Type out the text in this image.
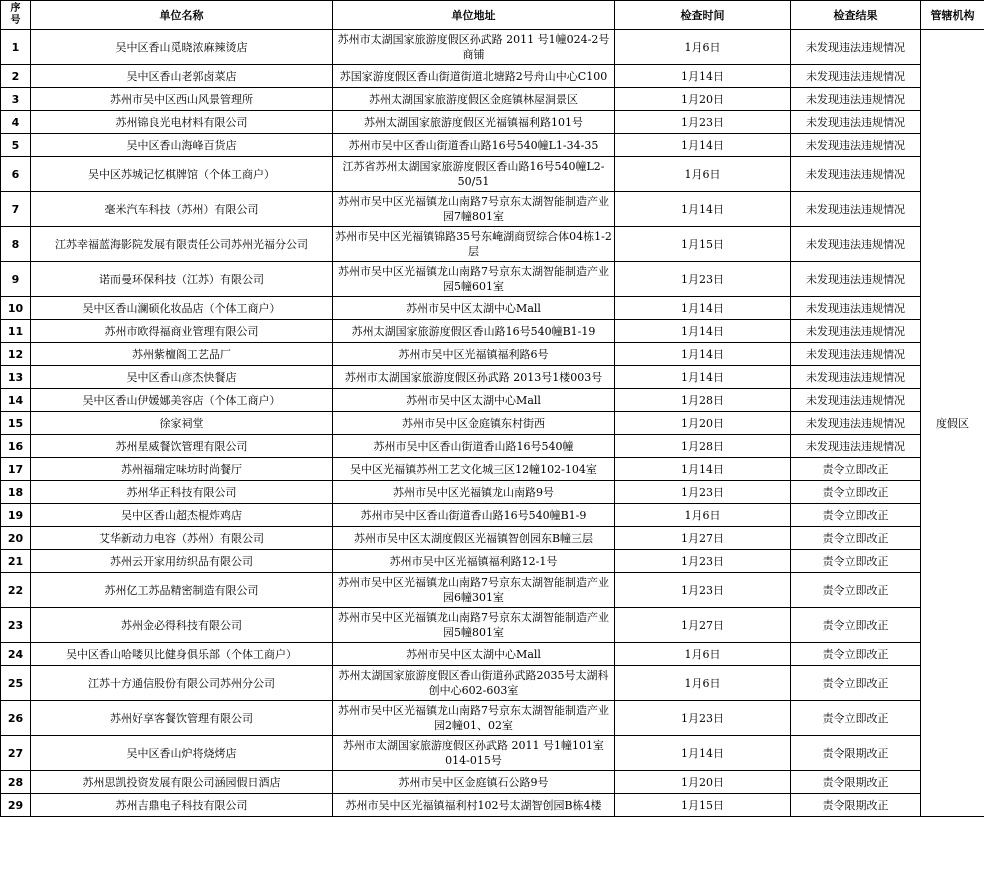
序
号	单位名称	单位地址	检查时间	检查结果	管辖机构
1	吴中区香山觅晓浓麻辣烫店	苏州市太湖国家旅游度假区孙武路 2011 号1幢024-2号 商铺	1月6日	未发现违法违规情况	度假区
2	吴中区香山老郭卤菜店	苏国家游度假区香山街道街道北塘路2号舟山中心C100	1月14日	未发现违法违规情况	
3	苏州市吴中区西山风景管理所	苏州太湖国家旅游度假区金庭镇林屋洞景区	1月20日	未发现违法违规情况	
4	苏州锦良光电材料有限公司	苏州太湖国家旅游度假区光福镇福利路101号	1月23日	未发现违法违规情况	
5	吴中区香山海峰百货店	苏州市吴中区香山街道香山路16号540幢L1-34-35	1月14日	未发现违法违规情况	
6	吴中区苏城记忆棋牌馆（个体工商户）	江苏省苏州太湖国家旅游度假区香山路16号540幢L2-50/51	1月6日	未发现违法违规情况	
7	毫米汽车科技（苏州）有限公司	苏州市吴中区光福镇龙山南路7号京东太湖智能制造产业园7幢801室	1月14日	未发现违法违规情况	
8	江苏幸福蓝海影院发展有限责任公司苏州光福分公司	苏州市吴中区光福镇锦路35号东崦湖商贸综合体04栋1-2层	1月15日	未发现违法违规情况	
9	诺而曼环保科技（江苏）有限公司	苏州市吴中区光福镇龙山南路7号京东太湖智能制造产业园5幢601室	1月23日	未发现违法违规情况	
10	吴中区香山澜硕化妆品店（个体工商户）	苏州市吴中区太湖中心Mall	1月14日	未发现违法违规情况	
11	苏州市欧得福商业管理有限公司	苏州太湖国家旅游度假区香山路16号540幢B1-19	1月14日	未发现违法违规情况	
12	苏州紫檀阁工艺品厂	苏州市吴中区光福镇福利路6号	1月14日	未发现违法违规情况	
13	吴中区香山彦杰快餐店	苏州市太湖国家旅游度假区孙武路 2013号1楼003号	1月14日	未发现违法违规情况	
14	吴中区香山伊媛娜美容店（个体工商户）	苏州市吴中区太湖中心Mall	1月28日	未发现违法违规情况	
15	徐家祠堂	苏州市吴中区金庭镇东村街西	1月20日	未发现违法违规情况	
16	苏州星威餐饮管理有限公司	苏州市吴中区香山街道香山路16号540幢	1月28日	未发现违法违规情况	
17	苏州福瑞定味坊时尚餐厅	吴中区光福镇苏州工艺文化城三区12幢102-104室	1月14日	责令立即改正	
18	苏州华正科技有限公司	苏州市吴中区光福镇龙山南路9号	1月23日	责令立即改正	
19	吴中区香山超杰棍炸鸡店	苏州市吴中区香山街道香山路16号540幢B1-9	1月6日	责令立即改正	
20	艾华新动力电容（苏州）有限公司	苏州市吴中区太湖度假区光福镇智创园东B幢三层	1月27日	责令立即改正	
21	苏州云开家用纺织品有限公司	苏州市吴中区光福镇福利路12-1号	1月23日	责令立即改正	
22	苏州亿工苏品精密制造有限公司	苏州市吴中区光福镇龙山南路7号京东太湖智能制造产业园6幢301室	1月23日	责令立即改正	
23	苏州金必得科技有限公司	苏州市吴中区光福镇龙山南路7号京东太湖智能制造产业园5幢801室	1月27日	责令立即改正	
24	吴中区香山哈喽贝比健身俱乐部（个体工商户）	苏州市吴中区太湖中心Mall	1月6日	责令立即改正	
25	江苏十方通信股份有限公司苏州分公司	苏州太湖国家旅游度假区香山街道孙武路2035号太湖科创中心602-603室	1月6日	责令立即改正	
26	苏州好享客餐饮管理有限公司	苏州市吴中区光福镇龙山南路7号京东太湖智能制造产业园2幢01、02室	1月23日	责令立即改正	
27	吴中区香山炉将烧烤店	苏州市太湖国家旅游度假区孙武路 2011 号1幢101室014-015号	1月14日	责令限期改正	
28	苏州思凯投资发展有限公司涵园假日酒店	苏州市吴中区金庭镇石公路9号	1月20日	责令限期改正	
29	苏州吉鼎电子科技有限公司	苏州市吴中区光福镇福利村102号太湖智创园B栋4楼	1月15日	责令限期改正	
